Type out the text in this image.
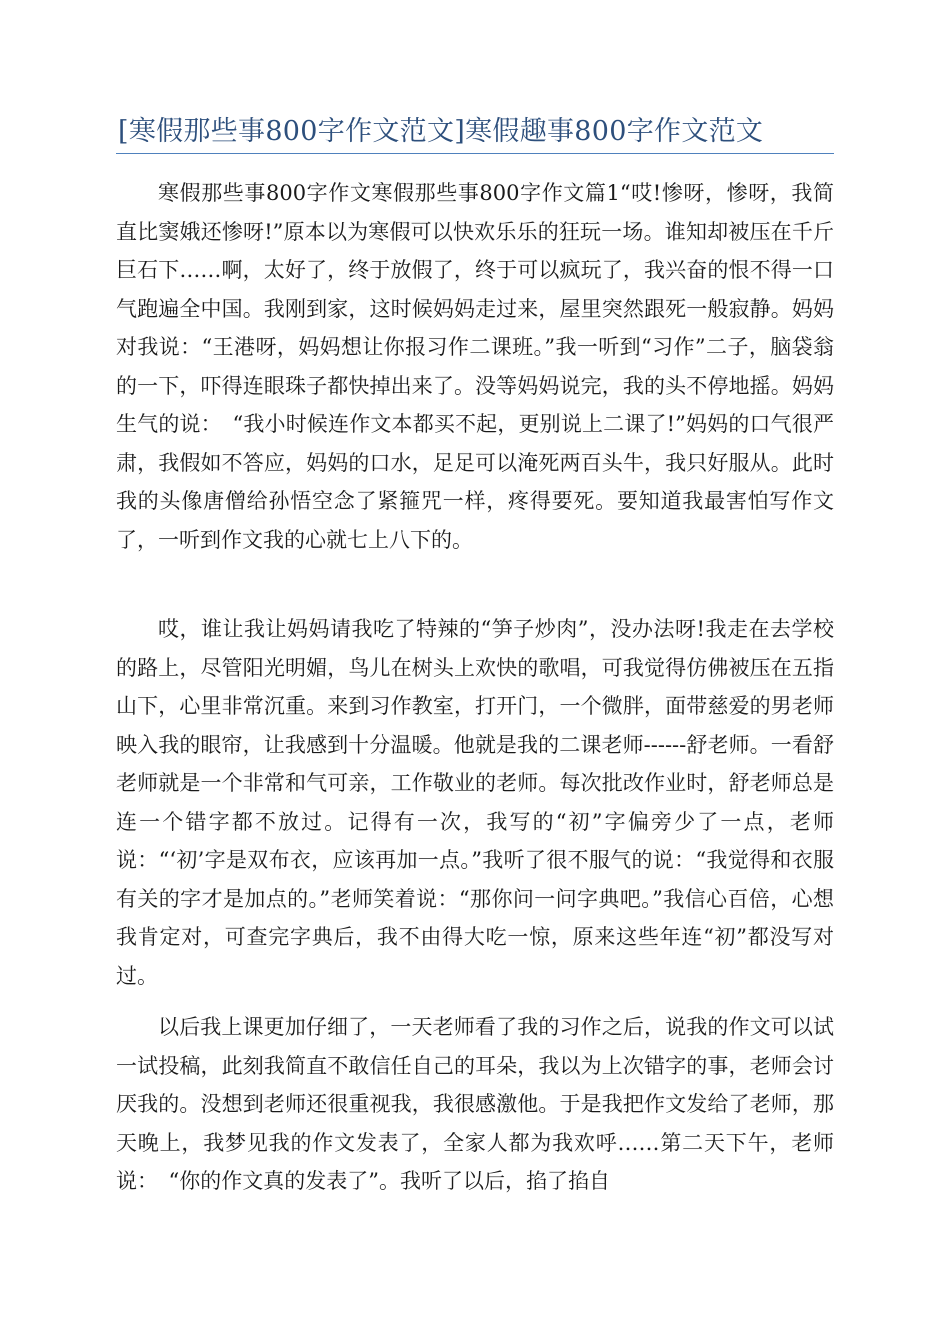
[寒假那些事800字作文范文]寒假趣事800字作文范文

寒假那些事800字作文寒假那些事800字作文篇1“哎!惨呀，惨呀，我简直比窦娥还惨呀!”原本以为寒假可以快欢乐乐的狂玩一场。谁知却被压在千斤巨石下……啊，太好了，终于放假了，终于可以疯玩了，我兴奋的恨不得一口气跑遍全中国。我刚到家，这时候妈妈走过来，屋里突然跟死一般寂静。妈妈对我说：“王港呀，妈妈想让你报习作二课班。”我一听到“习作”二子，脑袋翁的一下，吓得连眼珠子都快掉出来了。没等妈妈说完，我的头不停地摇。妈妈生气的说：　“我小时候连作文本都买不起，更别说上二课了!”妈妈的口气很严肃，我假如不答应，妈妈的口水，足足可以淹死两百头牛，我只好服从。此时我的头像唐僧给孙悟空念了紧箍咒一样，疼得要死。要知道我最害怕写作文了，一听到作文我的心就七上八下的。

哎，谁让我让妈妈请我吃了特辣的“笋子炒肉”，没办法呀!我走在去学校的路上，尽管阳光明媚，鸟儿在树头上欢快的歌唱，可我觉得仿佛被压在五指山下，心里非常沉重。来到习作教室，打开门，一个微胖，面带慈爱的男老师映入我的眼帘，让我感到十分温暖。他就是我的二课老师------舒老师。一看舒老师就是一个非常和气可亲，工作敬业的老师。每次批改作业时，舒老师总是连一个错字都不放过。记得有一次，我写的“初”字偏旁少了一点，老师说：“‘初’字是双布衣，应该再加一点。”我听了很不服气的说：“我觉得和衣服有关的字才是加点的。”老师笑着说：“那你问一问字典吧。”我信心百倍，心想我肯定对，可查完字典后，我不由得大吃一惊，原来这些年连“初”都没写对过。

以后我上课更加仔细了，一天老师看了我的习作之后，说我的作文可以试一试投稿，此刻我简直不敢信任自己的耳朵，我以为上次错字的事，老师会讨厌我的。没想到老师还很重视我，我很感激他。于是我把作文发给了老师，那天晚上，我梦见我的作文发表了，全家人都为我欢呼……第二天下午，老师说：　“你的作文真的发表了”。我听了以后，掐了掐自
